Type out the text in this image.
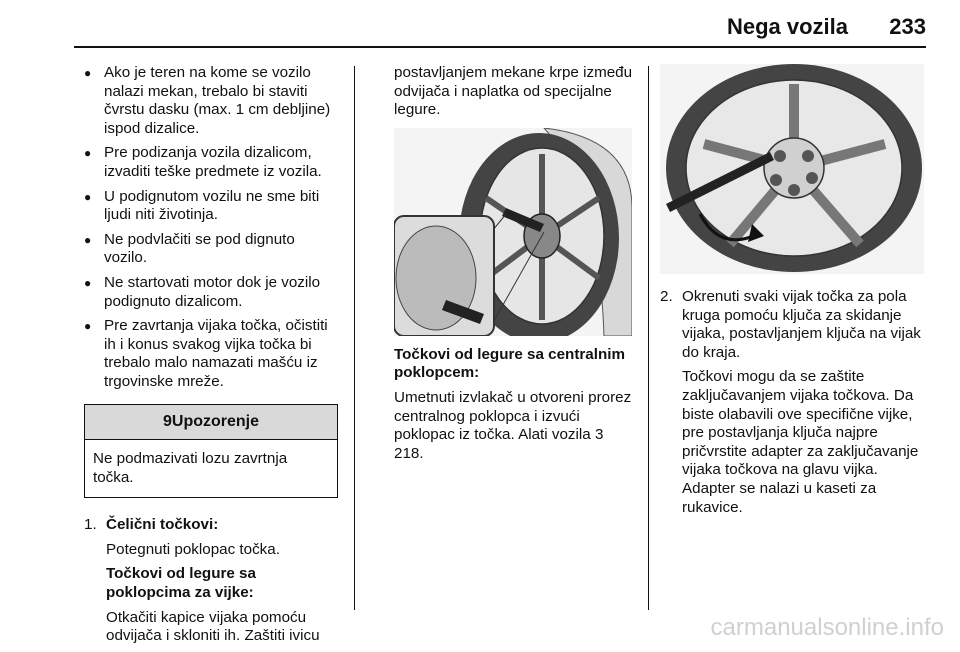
Nega vozila 233
● Ako je teren na kome se vozilo nalazi mekan, trebalo bi staviti čvrstu dasku (max. 1 cm debljine) ispod dizalice.
● Pre podizanja vozila dizalicom, izvaditi teške predmete iz vozila.
● U podignutom vozilu ne sme biti ljudi niti životinja.
● Ne podvlačiti se pod dignuto vozilo.
● Ne startovati motor dok je vozilo podignuto dizalicom.
● Pre zavrtanja vijaka točka, očistiti ih i konus svakog vijka točka bi trebalo malo namazati mašću iz trgovinske mreže.
9Upozorenje
Ne podmazivati lozu zavrtnja točka.
1. Čelični točkovi:

Potegnuti poklopac točka.

Točkovi od legure sa poklopcima za vijke:

Otkačiti kapice vijaka pomoću odvijača i skloniti ih. Zaštiti ivicu

postavljanjem mekane krpe između odvijača i naplatka od specijalne legure.

Točkovi od legure sa centralnim poklopcem:

Umetnuti izvlakač u otvoreni prorez centralnog poklopca i izvući poklopac iz točka. Alati vozila 3 218.

2. Okrenuti svaki vijak točka za pola kruga pomoću ključa za skidanje vijaka, postavljanjem ključa na vijak do kraja.

Točkovi mogu da se zaštite zaključavanjem vijaka točkova. Da biste olabavili ove specifične vijke, pre postavljanja ključa najpre pričvrstite adapter za zaključavanje vijaka točkova na glavu vijka. Adapter se nalazi u kaseti za rukavice.

carmanualsonline.info
